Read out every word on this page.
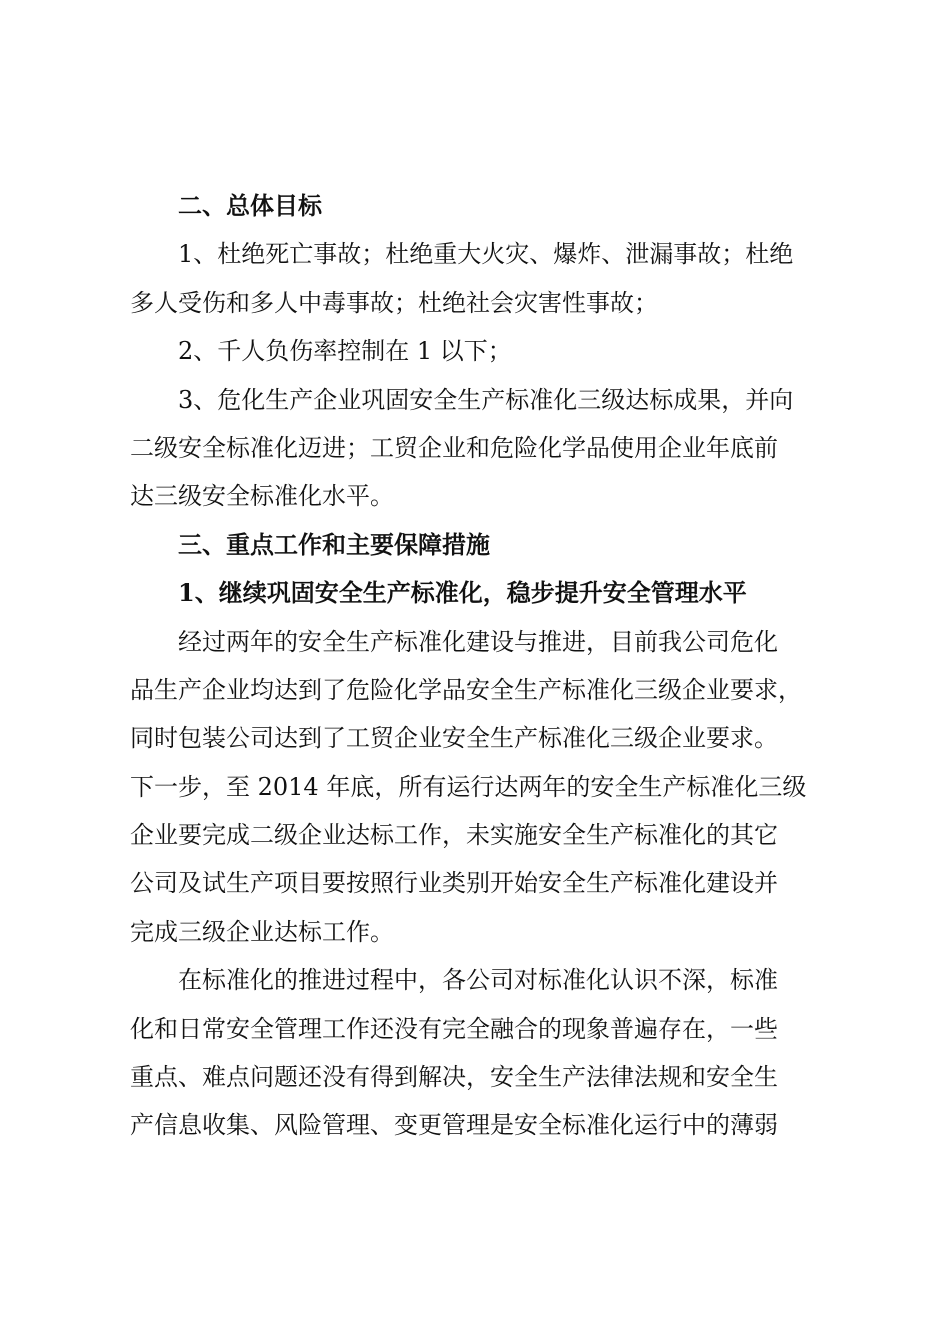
二、总体目标
1、杜绝死亡事故；杜绝重大火灾、爆炸、泄漏事故；杜绝
多人受伤和多人中毒事故；杜绝社会灾害性事故；
2、千人负伤率控制在 1 以下；
3、危化生产企业巩固安全生产标准化三级达标成果，并向
二级安全标准化迈进；工贸企业和危险化学品使用企业年底前
达三级安全标准化水平。
三、重点工作和主要保障措施
1、继续巩固安全生产标准化，稳步提升安全管理水平
经过两年的安全生产标准化建设与推进，目前我公司危化
品生产企业均达到了危险化学品安全生产标准化三级企业要求，
同时包装公司达到了工贸企业安全生产标准化三级企业要求。
下一步，至 2014 年底，所有运行达两年的安全生产标准化三级
企业要完成二级企业达标工作，未实施安全生产标准化的其它
公司及试生产项目要按照行业类别开始安全生产标准化建设并
完成三级企业达标工作。
在标准化的推进过程中，各公司对标准化认识不深，标准
化和日常安全管理工作还没有完全融合的现象普遍存在，一些
重点、难点问题还没有得到解决，安全生产法律法规和安全生
产信息收集、风险管理、变更管理是安全标准化运行中的薄弱
